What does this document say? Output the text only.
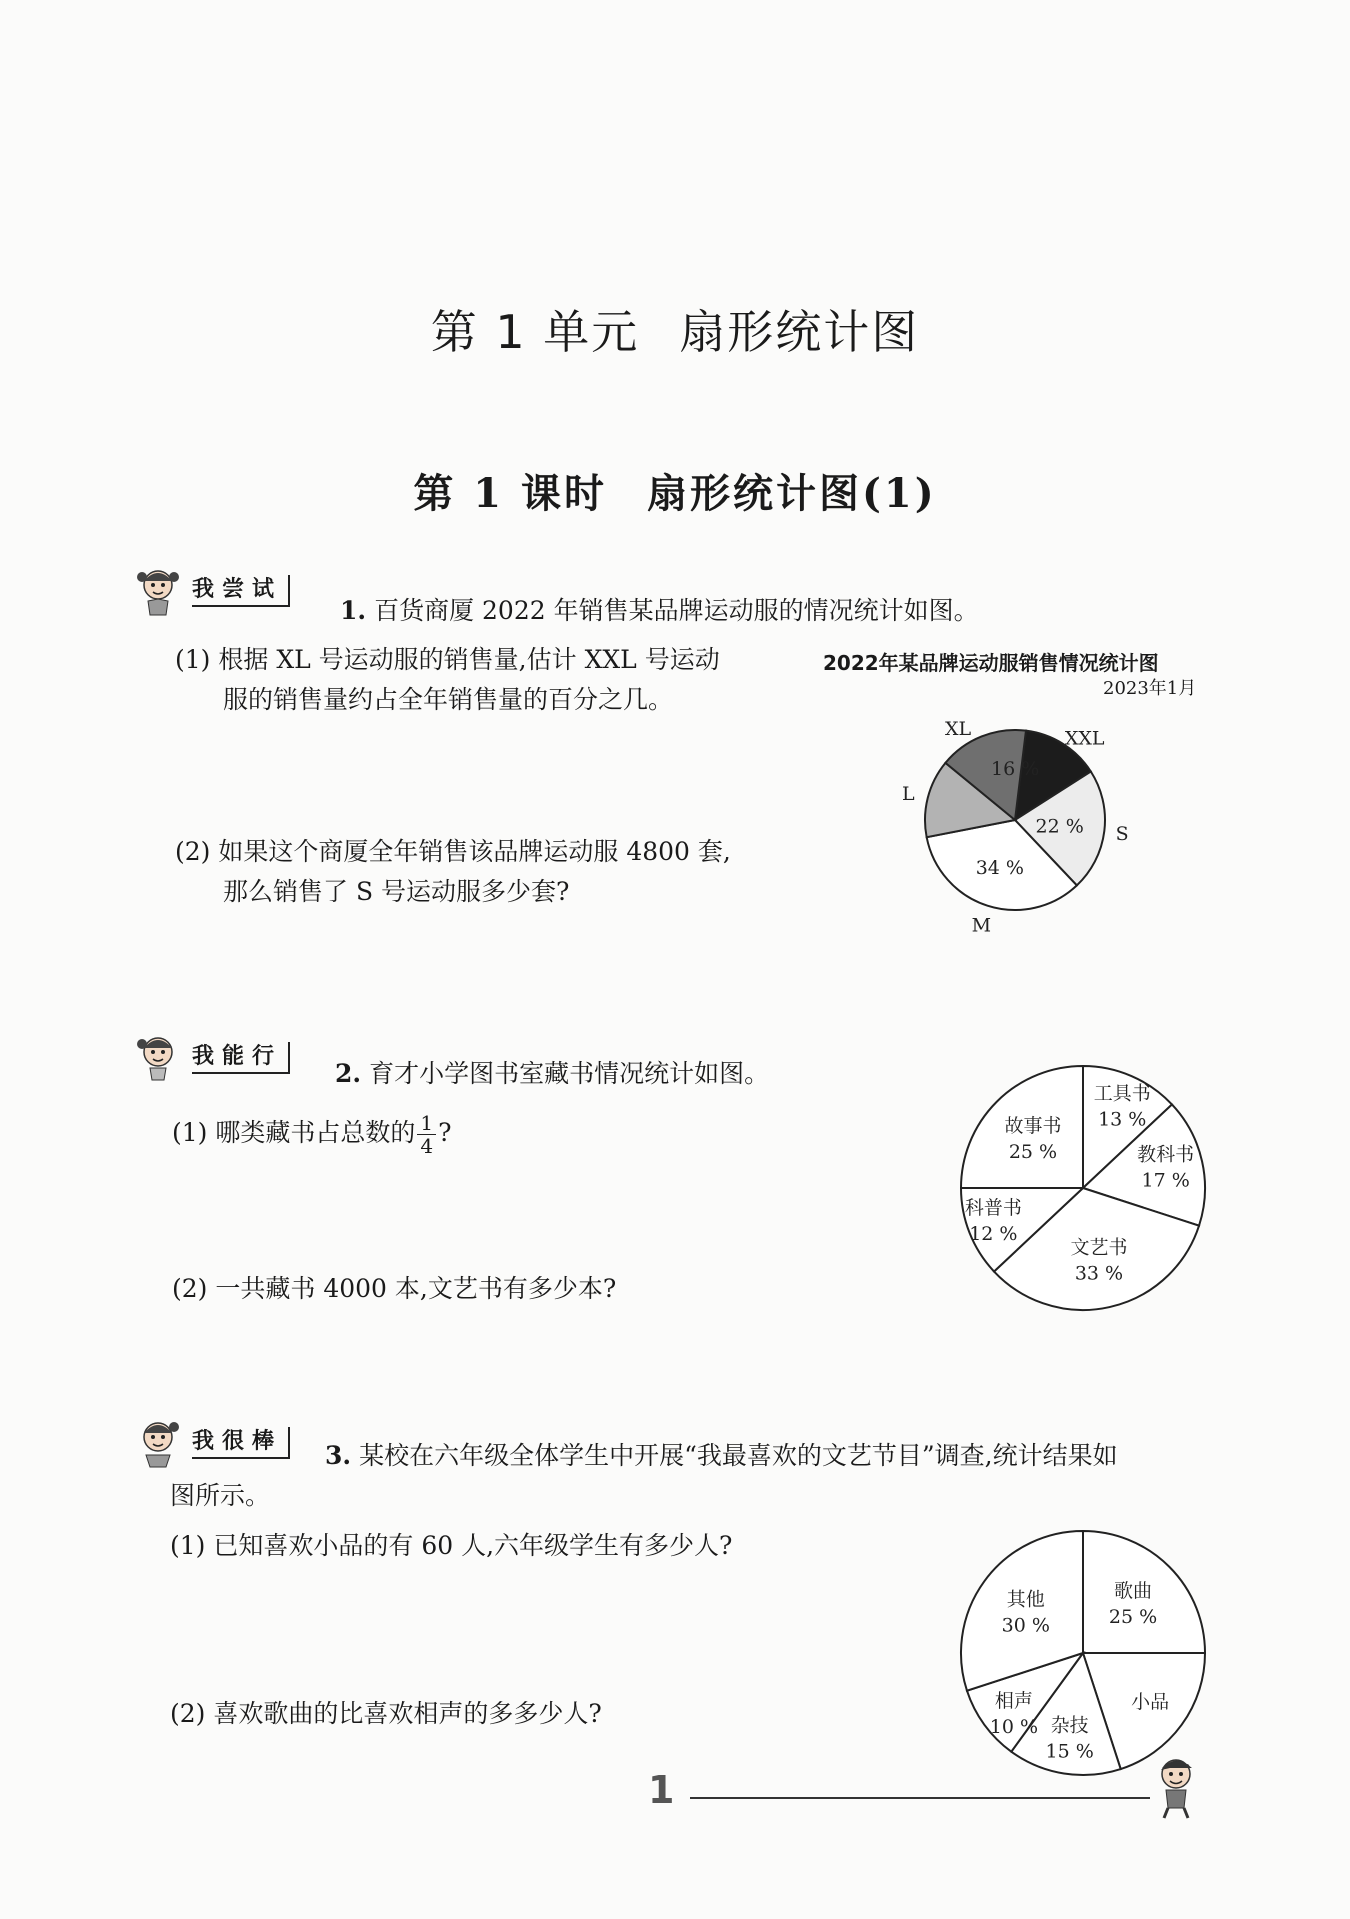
第 1 单元 扇形统计图
第 1 课时 扇形统计图(1)
我尝试
1. 百货商厦 2022 年销售某品牌运动服的情况统计如图。
(1) 根据 XL 号运动服的销售量,估计 XXL 号运动
服的销售量约占全年销售量的百分之几。
(2) 如果这个商厦全年销售该品牌运动服 4800 套,
那么销售了 S 号运动服多少套?
2022年某品牌运动服销售情况统计图
2023年1月
XXL
S
22 %
M
34 %
L
XL
16 %
我能行
2. 育才小学图书室藏书情况统计如图。
(1) 哪类藏书占总数的 $\frac{1}{4}$ ?
(2) 一共藏书 4000 本,文艺书有多少本?
工具书
13 %
教科书
17 %
文艺书
33 %
科普书
12 %
故事书
25 %
我很棒	3. 某校在六年级全体学生中开展“我最喜欢的文艺节目”调查,统计结果如
图所示。
(1) 已知喜欢小品的有 60 人,六年级学生有多少人?
(2) 喜欢歌曲的比喜欢相声的多多少人?
歌曲
25 %
小品
杂技
15 %
相声
10 %
其他
30 %
1
